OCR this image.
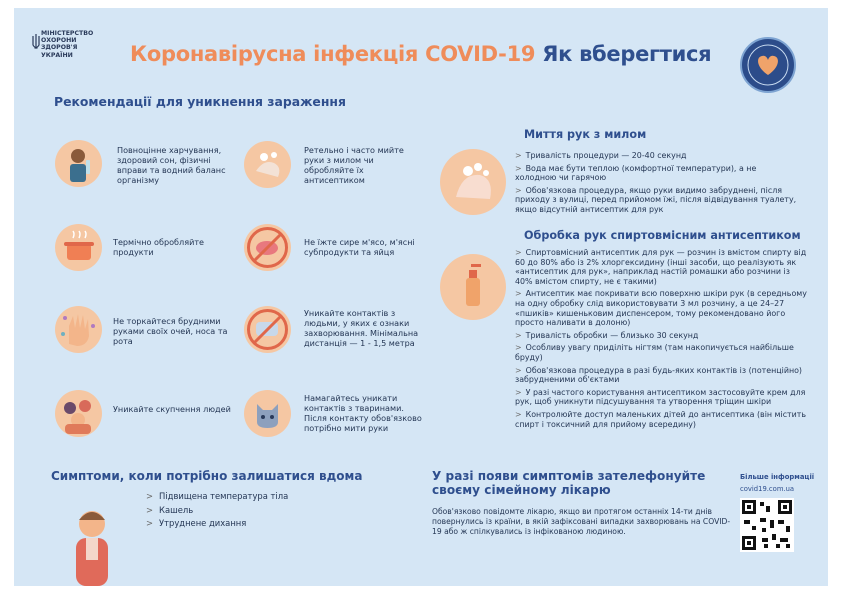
МІНІСТЕРСТВО
ОХОРОНИ
ЗДОРОВ'Я
УКРАЇНИ	Коронавірусна інфекція COVID-19 Як вберегтися
Рекомендації для уникнення зараження
Повноцінне харчування, здоровий сон, фізичні вправи та водний баланс організму
Ретельно і часто мийте руки з милом чи обробляйте їх антисептиком
Термічно обробляйте продукти
Не їжте сире м'ясо, м'ясні субпродукти та яйця
Не торкайтеся брудними руками своїх очей, носа та рота
Уникайте контактів з людьми, у яких є ознаки захворювання. Мінімальна дистанція — 1 - 1,5 метра
Уникайте скупчення людей
Намагайтесь уникати контактів з тваринами. Після контакту обов'язково потрібно мити руки
Миття рук з милом
> Тривалість процедури — 20-40 секунд
> Вода має бути теплою (комфортної температури), а не холодною чи гарячою
> Обов'язкова процедура, якщо руки видимо забруднені, після приходу з вулиці, перед прийомом їжі, після відвідування туалету, якщо відсутній антисептик для рук
Обробка рук спиртовмісним антисептиком
> Спиртовмісний антисептик для рук — розчин із вмістом спирту від 60 до 80% або із 2% хлоргексидину (інші засоби, що реалізують як «антисептик для рук», наприклад настій ромашки або розчини із 40% вмістом спирту, не є такими)
> Антисептик має покривати всю поверхню шкіри рук (в середньому на одну обробку слід використовувати 3 мл розчину, а це 24–27 «пшиків» кишеньковим диспенсером, тому рекомендовано його просто наливати в долоню)
> Тривалість обробки — близько 30 секунд
> Особливу увагу приділіть нігтям (там накопичується найбільше бруду)
> Обов'язкова процедура в разі будь-яких контактів із (потенційно) забрудненими об'єктами
> У разі частого користування антисептиком застосовуйте крем для рук, щоб уникнути підсушування та утворення тріщин шкіри
> Контролюйте доступ маленьких дітей до антисептика (він містить спирт і токсичний для прийому всередину)
Симптоми, коли потрібно залишатися вдома
> Підвищена температура тіла
> Кашель
> Утруднене дихання
У разі появи симптомів зателефонуйте своєму сімейному лікарю
Обов'язково повідомте лікарю, якщо ви протягом останніх 14-ти днів повернулись із країни, в якій зафіксовані випадки захворювань на COVID-19 або ж спілкувались із інфікованою людиною.
Більше інформації
covid19.com.ua
